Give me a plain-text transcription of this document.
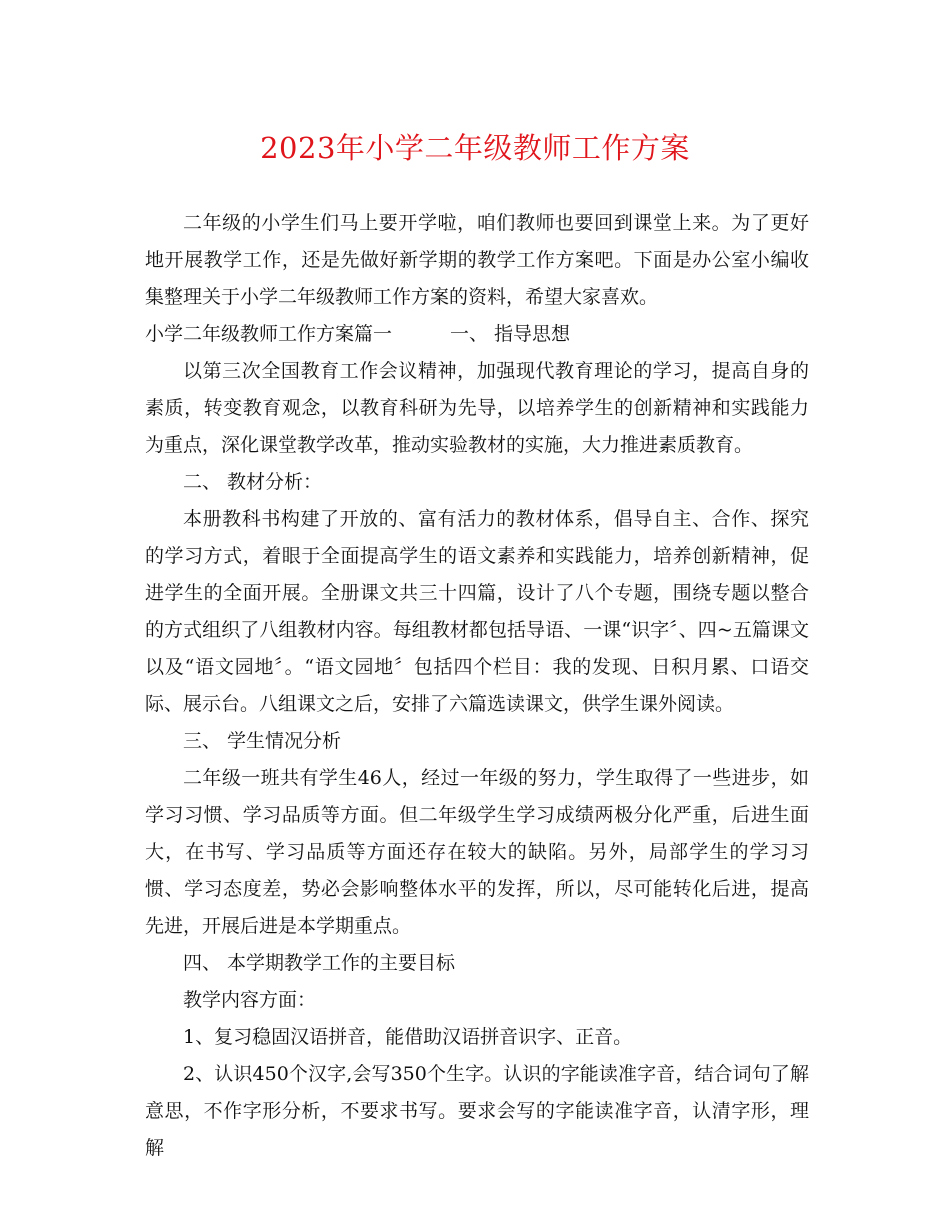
2023年小学二年级教师工作方案

二年级的小学生们马上要开学啦，咱们教师也要回到课堂上来。为了更好地开展教学工作，还是先做好新学期的教学工作方案吧。下面是办公室小编收集整理关于小学二年级教师工作方案的资料，希望大家喜欢。

小学二年级教师工作方案篇一	一、 指导思想

以第三次全国教育工作会议精神，加强现代教育理论的学习，提高自身的素质，转变教育观念，以教育科研为先导，以培养学生的创新精神和实践能力为重点，深化课堂教学改革，推动实验教材的实施，大力推进素质教育。

二、 教材分析：

本册教科书构建了开放的、富有活力的教材体系，倡导自主、合作、探究的学习方式，着眼于全面提高学生的语文素养和实践能力，培养创新精神，促进学生的全面开展。全册课文共三十四篇，设计了八个专题，围绕专题以整合的方式组织了八组教材内容。每组教材都包括导语、一课“识字〞、四~五篇课文以及“语文园地〞。“语文园地〞包括四个栏目：我的发现、日积月累、口语交际、展示台。八组课文之后，安排了六篇选读课文，供学生课外阅读。

三、 学生情况分析

二年级一班共有学生46人，经过一年级的努力，学生取得了一些进步，如学习习惯、学习品质等方面。但二年级学生学习成绩两极分化严重，后进生面大，在书写、学习品质等方面还存在较大的缺陷。另外，局部学生的学习习惯、学习态度差，势必会影响整体水平的发挥，所以，尽可能转化后进，提高先进，开展后进是本学期重点。

四、 本学期教学工作的主要目标

教学内容方面：

1、复习稳固汉语拼音，能借助汉语拼音识字、正音。

2、认识450个汉字,会写350个生字。认识的字能读准字音，结合词句了解意思，不作字形分析，不要求书写。要求会写的字能读准字音，认清字形，理解
